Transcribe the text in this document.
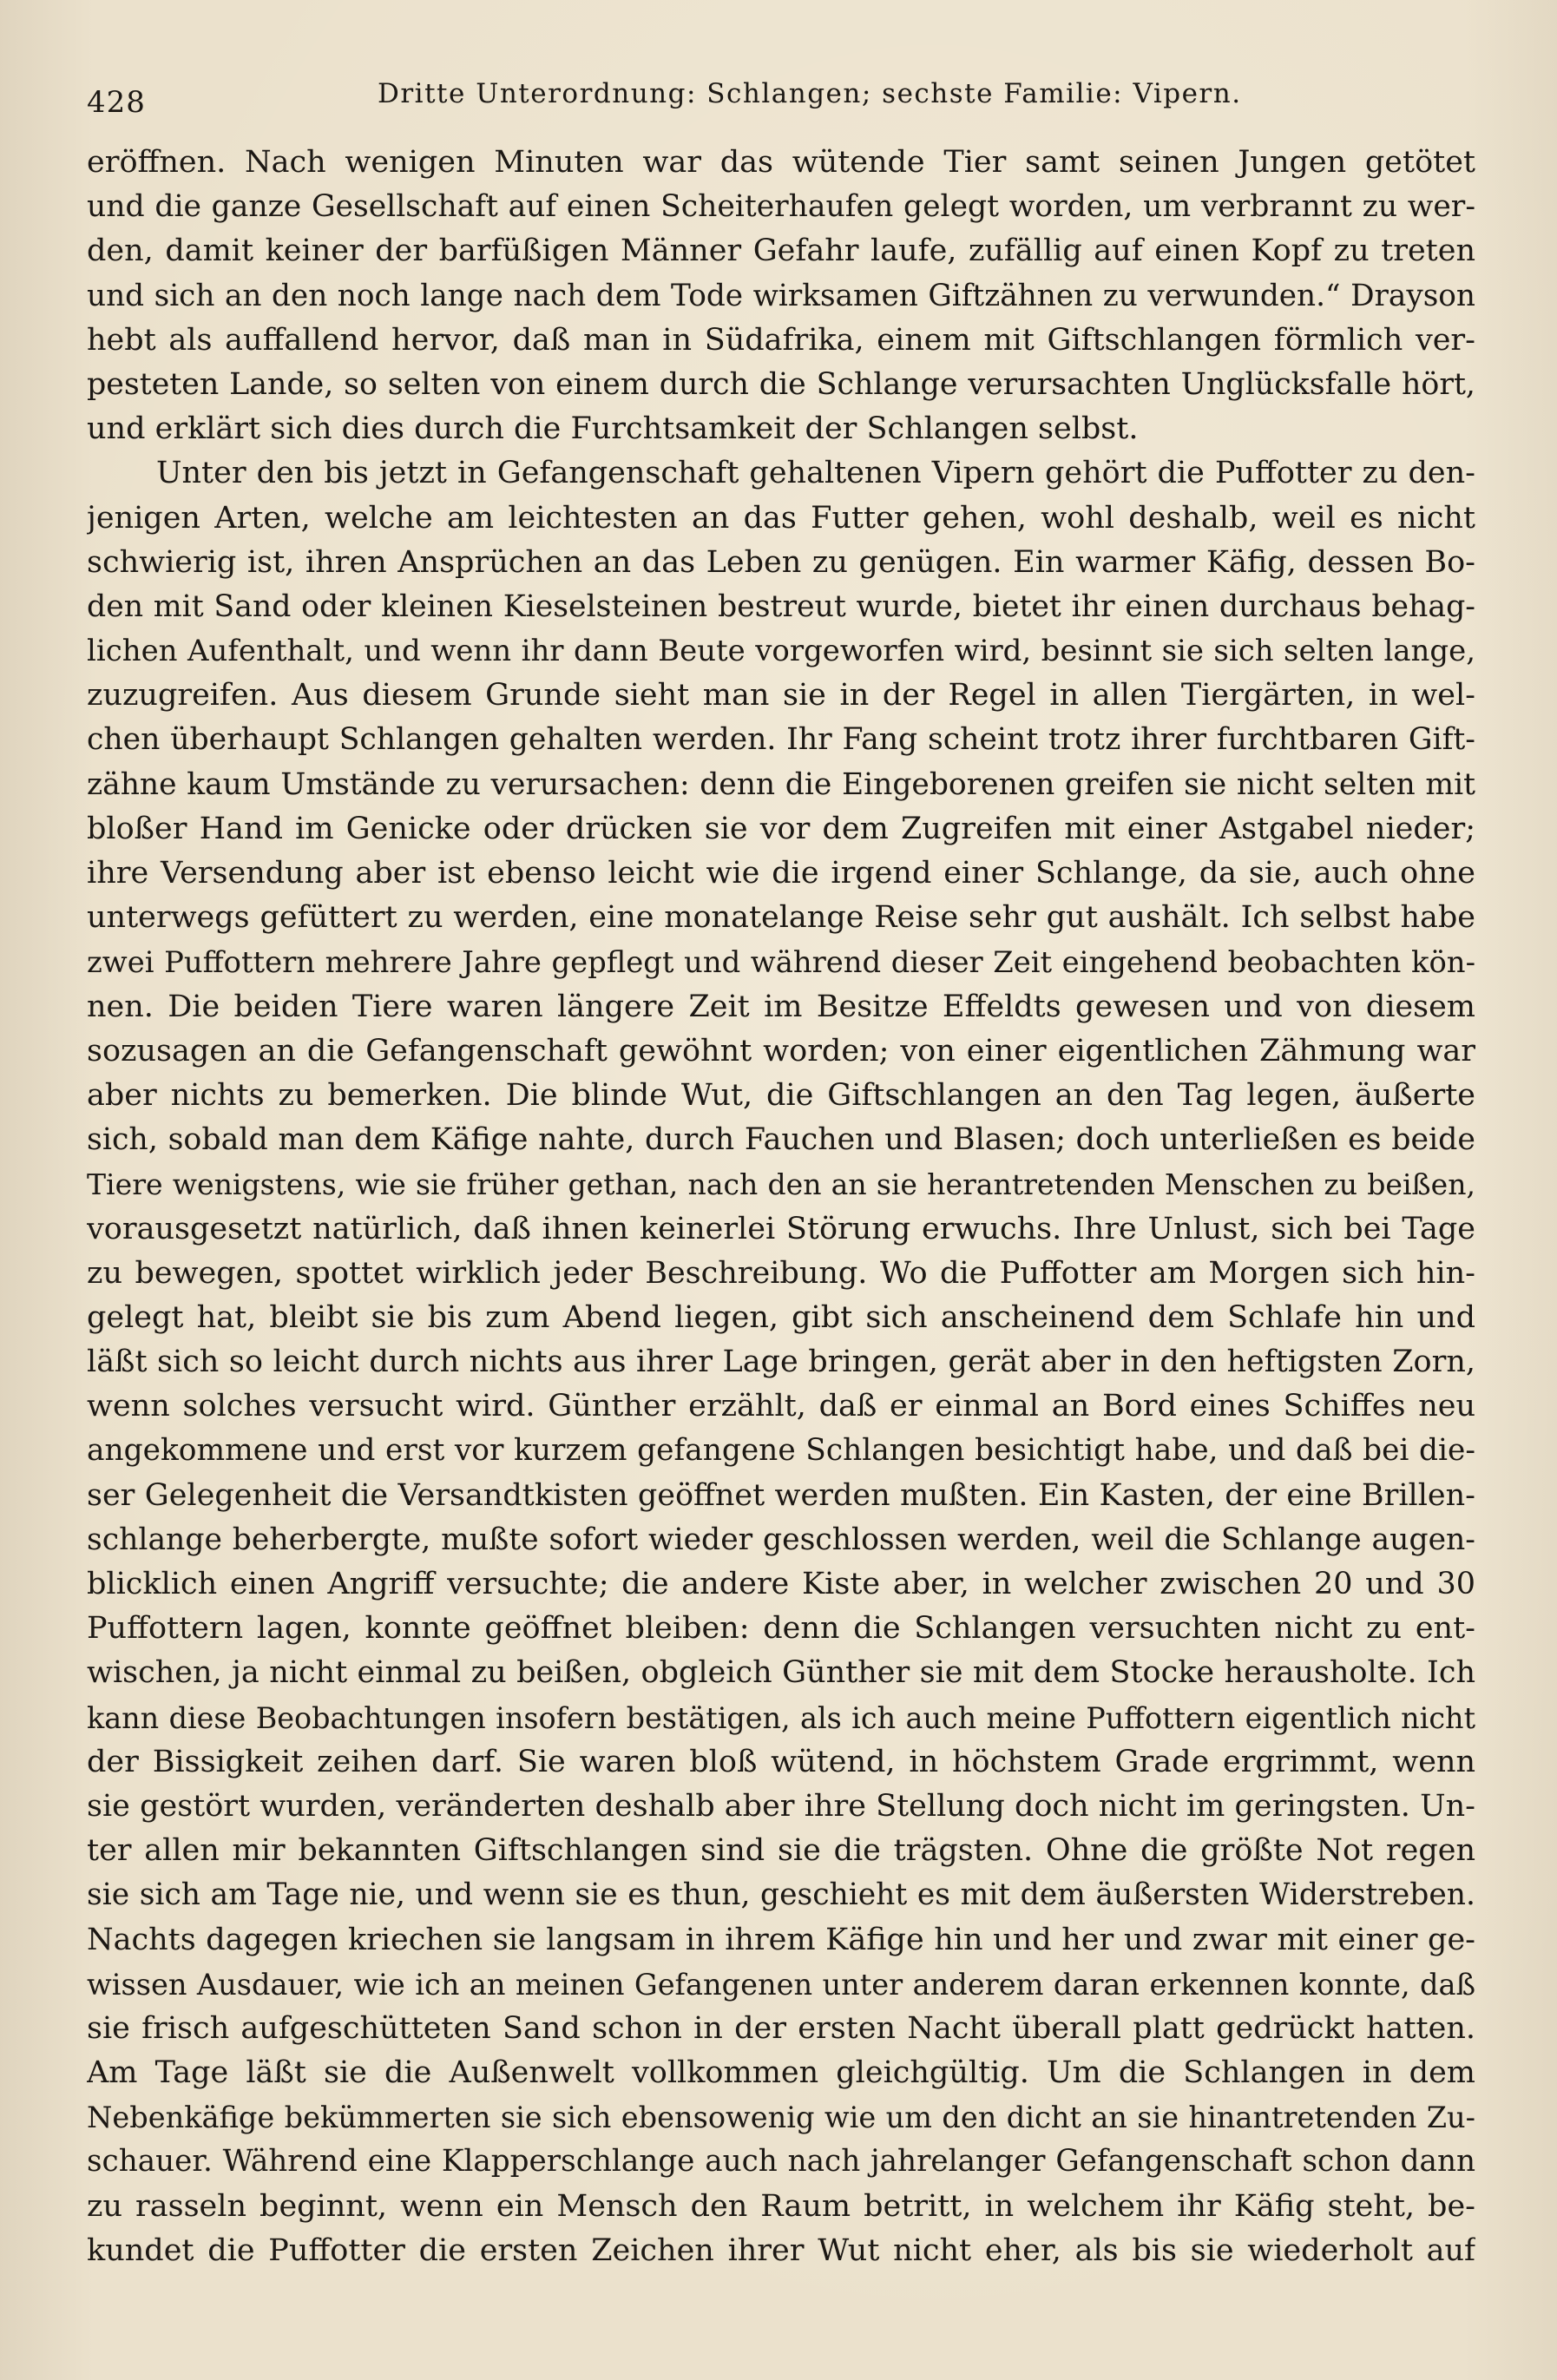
428	Dritte Unterordnung: Schlangen; sechste Familie: Vipern.
eröffnen. Nach wenigen Minuten war das wütende Tier samt seinen Jungen getötet
und die ganze Gesellschaft auf einen Scheiterhaufen gelegt worden, um verbrannt zu wer-
den, damit keiner der barfüßigen Männer Gefahr laufe, zufällig auf einen Kopf zu treten
und sich an den noch lange nach dem Tode wirksamen Giftzähnen zu verwunden.“ Drayson
hebt als auffallend hervor, daß man in Südafrika, einem mit Giftschlangen förmlich ver-
pesteten Lande, so selten von einem durch die Schlange verursachten Unglücksfalle hört,
und erklärt sich dies durch die Furchtsamkeit der Schlangen selbst.
Unter den bis jetzt in Gefangenschaft gehaltenen Vipern gehört die Puffotter zu den-
jenigen Arten, welche am leichtesten an das Futter gehen, wohl deshalb, weil es nicht
schwierig ist, ihren Ansprüchen an das Leben zu genügen. Ein warmer Käfig, dessen Bo-
den mit Sand oder kleinen Kieselsteinen bestreut wurde, bietet ihr einen durchaus behag-
lichen Aufenthalt, und wenn ihr dann Beute vorgeworfen wird, besinnt sie sich selten lange,
zuzugreifen. Aus diesem Grunde sieht man sie in der Regel in allen Tiergärten, in wel-
chen überhaupt Schlangen gehalten werden. Ihr Fang scheint trotz ihrer furchtbaren Gift-
zähne kaum Umstände zu verursachen: denn die Eingeborenen greifen sie nicht selten mit
bloßer Hand im Genicke oder drücken sie vor dem Zugreifen mit einer Astgabel nieder;
ihre Versendung aber ist ebenso leicht wie die irgend einer Schlange, da sie, auch ohne
unterwegs gefüttert zu werden, eine monatelange Reise sehr gut aushält. Ich selbst habe
zwei Puffottern mehrere Jahre gepflegt und während dieser Zeit eingehend beobachten kön-
nen. Die beiden Tiere waren längere Zeit im Besitze Effeldts gewesen und von diesem
sozusagen an die Gefangenschaft gewöhnt worden; von einer eigentlichen Zähmung war
aber nichts zu bemerken. Die blinde Wut, die Giftschlangen an den Tag legen, äußerte
sich, sobald man dem Käfige nahte, durch Fauchen und Blasen; doch unterließen es beide
Tiere wenigstens, wie sie früher gethan, nach den an sie herantretenden Menschen zu beißen,
vorausgesetzt natürlich, daß ihnen keinerlei Störung erwuchs. Ihre Unlust, sich bei Tage
zu bewegen, spottet wirklich jeder Beschreibung. Wo die Puffotter am Morgen sich hin-
gelegt hat, bleibt sie bis zum Abend liegen, gibt sich anscheinend dem Schlafe hin und
läßt sich so leicht durch nichts aus ihrer Lage bringen, gerät aber in den heftigsten Zorn,
wenn solches versucht wird. Günther erzählt, daß er einmal an Bord eines Schiffes neu
angekommene und erst vor kurzem gefangene Schlangen besichtigt habe, und daß bei die-
ser Gelegenheit die Versandtkisten geöffnet werden mußten. Ein Kasten, der eine Brillen-
schlange beherbergte, mußte sofort wieder geschlossen werden, weil die Schlange augen-
blicklich einen Angriff versuchte; die andere Kiste aber, in welcher zwischen 20 und 30
Puffottern lagen, konnte geöffnet bleiben: denn die Schlangen versuchten nicht zu ent-
wischen, ja nicht einmal zu beißen, obgleich Günther sie mit dem Stocke herausholte. Ich
kann diese Beobachtungen insofern bestätigen, als ich auch meine Puffottern eigentlich nicht
der Bissigkeit zeihen darf. Sie waren bloß wütend, in höchstem Grade ergrimmt, wenn
sie gestört wurden, veränderten deshalb aber ihre Stellung doch nicht im geringsten. Un-
ter allen mir bekannten Giftschlangen sind sie die trägsten. Ohne die größte Not regen
sie sich am Tage nie, und wenn sie es thun, geschieht es mit dem äußersten Widerstreben.
Nachts dagegen kriechen sie langsam in ihrem Käfige hin und her und zwar mit einer ge-
wissen Ausdauer, wie ich an meinen Gefangenen unter anderem daran erkennen konnte, daß
sie frisch aufgeschütteten Sand schon in der ersten Nacht überall platt gedrückt hatten.
Am Tage läßt sie die Außenwelt vollkommen gleichgültig. Um die Schlangen in dem
Nebenkäfige bekümmerten sie sich ebensowenig wie um den dicht an sie hinantretenden Zu-
schauer. Während eine Klapperschlange auch nach jahrelanger Gefangenschaft schon dann
zu rasseln beginnt, wenn ein Mensch den Raum betritt, in welchem ihr Käfig steht, be-
kundet die Puffotter die ersten Zeichen ihrer Wut nicht eher, als bis sie wiederholt auf
